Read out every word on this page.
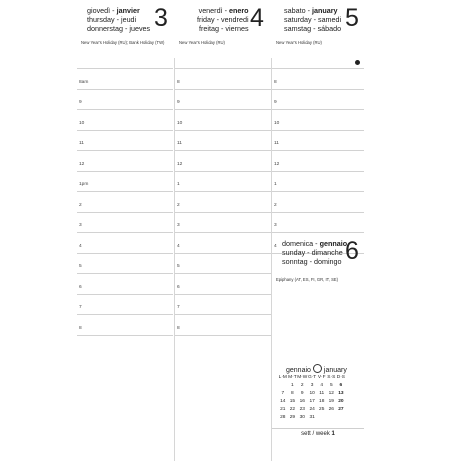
giovedì - janvier
thursday - jeudi
donnerstag - jueves 3
New Year's Holiday (RU); Bank Holiday (TW)
8am
9
10
11
12
1pm
2
3
4
5
6
7
8
venerdì - enero
friday - vendredi
freitag - viernes 4
New Year's Holiday (RU)
8
9
10
11
12
1
2
3
4
5
6
7
8
sabato - january
saturday - samedi
samstag - sábado 5
New Year's Holiday (RU)
8
9
10
11
12
1
2
3
4 domenica - gennaio
sunday - dimanche
sonntag - domingo 6
Epiphany (AT, ES, FI, GR, IT, SE)
gennaio january
L·M	M·T	M·W	G·T	V·F	S·S	D·S
	1	2	3	4	5	6
7	8	9	10	11	12	13
14	15	16	17	18	19	20
21	22	23	24	25	26	27
28	29	30	31			
sett / week 1
